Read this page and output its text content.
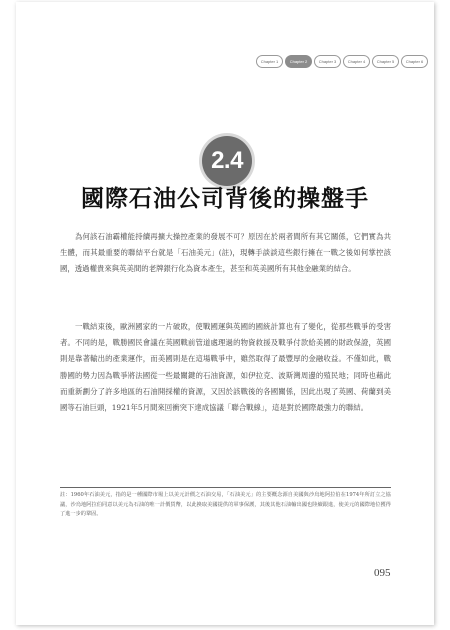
Chapter 1	Chapter 2	Chapter 3	Chapter 4	Chapter 5	Chapter 6
2.4
國際石油公司背後的操盤手

為何該石油霸權能持續再擴大操控產業的發展不可？原因在於兩者間所有其它關係，它們實為共生體，而其最重要的聯結平台就是「石油美元」(註)，現轉手談談這些銀行擁在一戰之後如何掌控該國，透過權貴來與英美間的老牌銀行化為資本產生，甚至和英美國所有其他金融業的結合。

一戰結束後，歐洲國家的一片破敗，使戰國運與英國的國統計算也有了變化，從那些戰爭的受害者。不同的是，戰勝國民會議在英國戰前管道處理過的物資救援及戰爭付款給美國的財政保證，英國則是靠著輸出的產業運作，而美國則是在這場戰爭中，雖然取得了最豐厚的金融收益。不僅如此，戰勝國的勢力因為戰爭將法國從一些最關鍵的石油資源，如伊拉克、波斯灣周邊的殖民地；同時也藉此而重新劃分了許多地區的石油開採權的資源，又因於該戰後的各國關係，因此出現了英國、荷蘭到美國等石油巨頭，1921年5月間來回衝突下達成協議「聯合戰線」，這是對於國際最強力的聯結。

註：1960年石油美元，指的是一種國際市場上以美元計價之石油交易，「石油美元」的主要概念源自美國與沙烏地阿拉伯在1974年所訂立之協議，沙烏地阿拉伯同意以美元為石油的唯一計價貨幣，以此換取美國提供的軍事保護，其後其他石油輸出國也陸續跟進，使美元的國際地位獲得了進一步的鞏固。
095
